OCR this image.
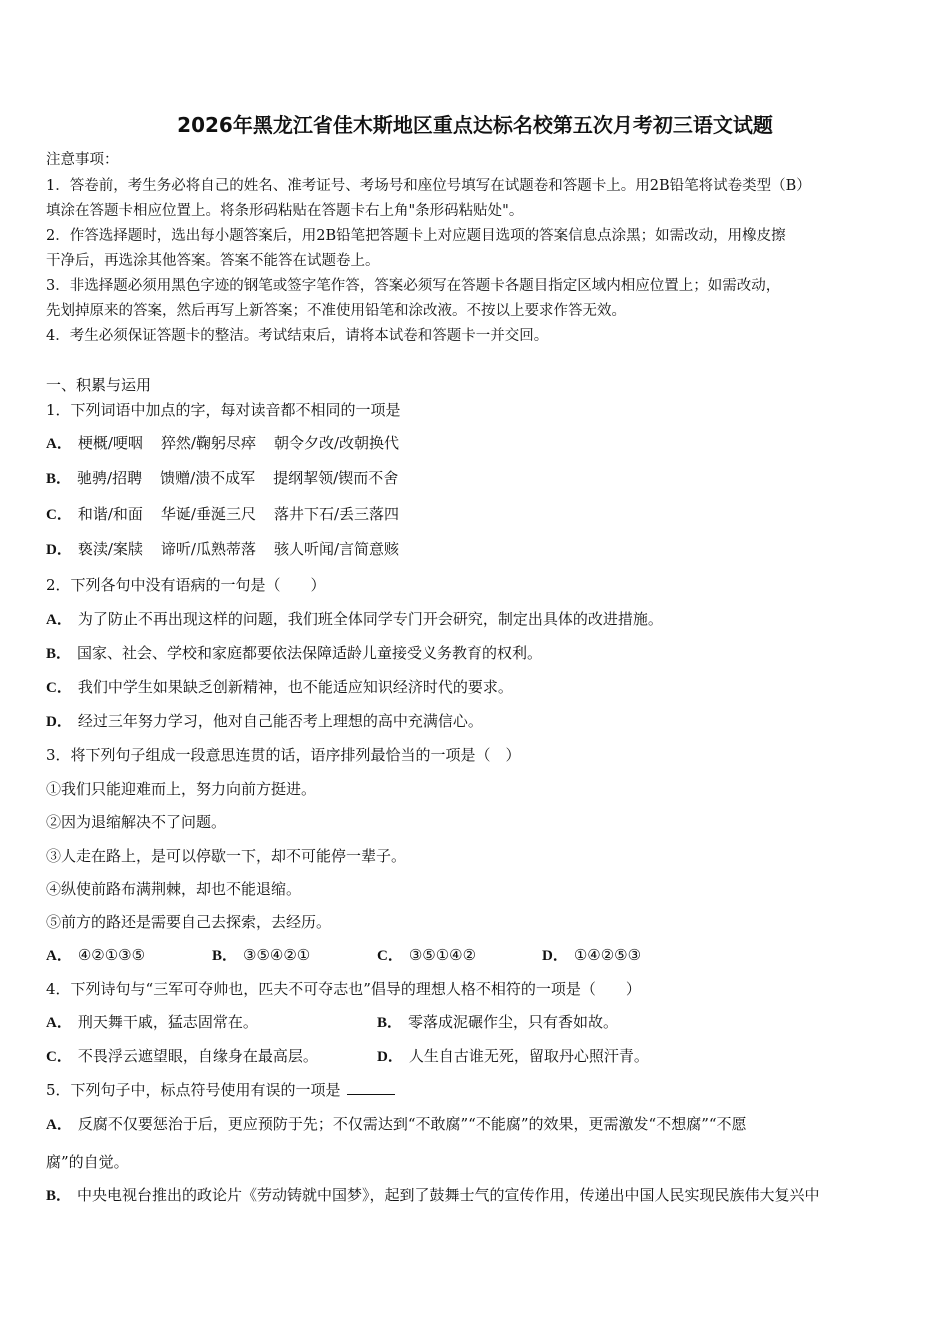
2026年黑龙江省佳木斯地区重点达标名校第五次月考初三语文试题
注意事项：
1．答卷前，考生务必将自己的姓名、准考证号、考场号和座位号填写在试题卷和答题卡上。用2B铅笔将试卷类型（B）
填涂在答题卡相应位置上。将条形码粘贴在答题卡右上角"条形码粘贴处"。
2．作答选择题时，选出每小题答案后，用2B铅笔把答题卡上对应题目选项的答案信息点涂黑；如需改动，用橡皮擦
干净后，再选涂其他答案。答案不能答在试题卷上。
3．非选择题必须用黑色字迹的钢笔或签字笔作答，答案必须写在答题卡各题目指定区域内相应位置上；如需改动，
先划掉原来的答案，然后再写上新答案；不准使用铅笔和涂改液。不按以上要求作答无效。
4．考生必须保证答题卡的整洁。考试结束后，请将本试卷和答题卡一并交回。
一、积累与运用
1．下列词语中加点的字，每对读音都不相同的一项是
A． 梗概/哽咽 猝然/鞠躬尽瘁 朝令夕改/改朝换代
B． 驰骋/招聘 馈赠/溃不成军 提纲挈领/锲而不舍
C． 和谐/和面 华诞/垂涎三尺 落井下石/丢三落四
D． 亵渎/案牍 谛听/瓜熟蒂落 骇人听闻/言简意赅
2．下列各句中没有语病的一句是（　　）
A． 为了防止不再出现这样的问题，我们班全体同学专门开会研究，制定出具体的改进措施。
B． 国家、社会、学校和家庭都要依法保障适龄儿童接受义务教育的权利。
C． 我们中学生如果缺乏创新精神，也不能适应知识经济时代的要求。
D． 经过三年努力学习，他对自己能否考上理想的高中充满信心。
3．将下列句子组成一段意思连贯的话，语序排列最恰当的一项是（　）
①我们只能迎难而上，努力向前方挺进。
②因为退缩解决不了问题。
③人走在路上，是可以停歇一下，却不可能停一辈子。
④纵使前路布满荆棘，却也不能退缩。
⑤前方的路还是需要自己去探索，去经历。
A． ④②①③⑤	B． ③⑤④②①	C． ③⑤①④②	D． ①④②⑤③
4．下列诗句与“三军可夺帅也，匹夫不可夺志也”倡导的理想人格不相符的一项是（　　）
A． 刑天舞干戚，猛志固常在。	B． 零落成泥碾作尘，只有香如故。
C． 不畏浮云遮望眼，自缘身在最高层。	D． 人生自古谁无死，留取丹心照汗青。
5．下列句子中，标点符号使用有误的一项是
A． 反腐不仅要惩治于后，更应预防于先；不仅需达到“不敢腐”“不能腐”的效果，更需激发“不想腐”“不愿
腐”的自觉。
B． 中央电视台推出的政论片《劳动铸就中国梦》，起到了鼓舞士气的宣传作用，传递出中国人民实现民族伟大复兴中
